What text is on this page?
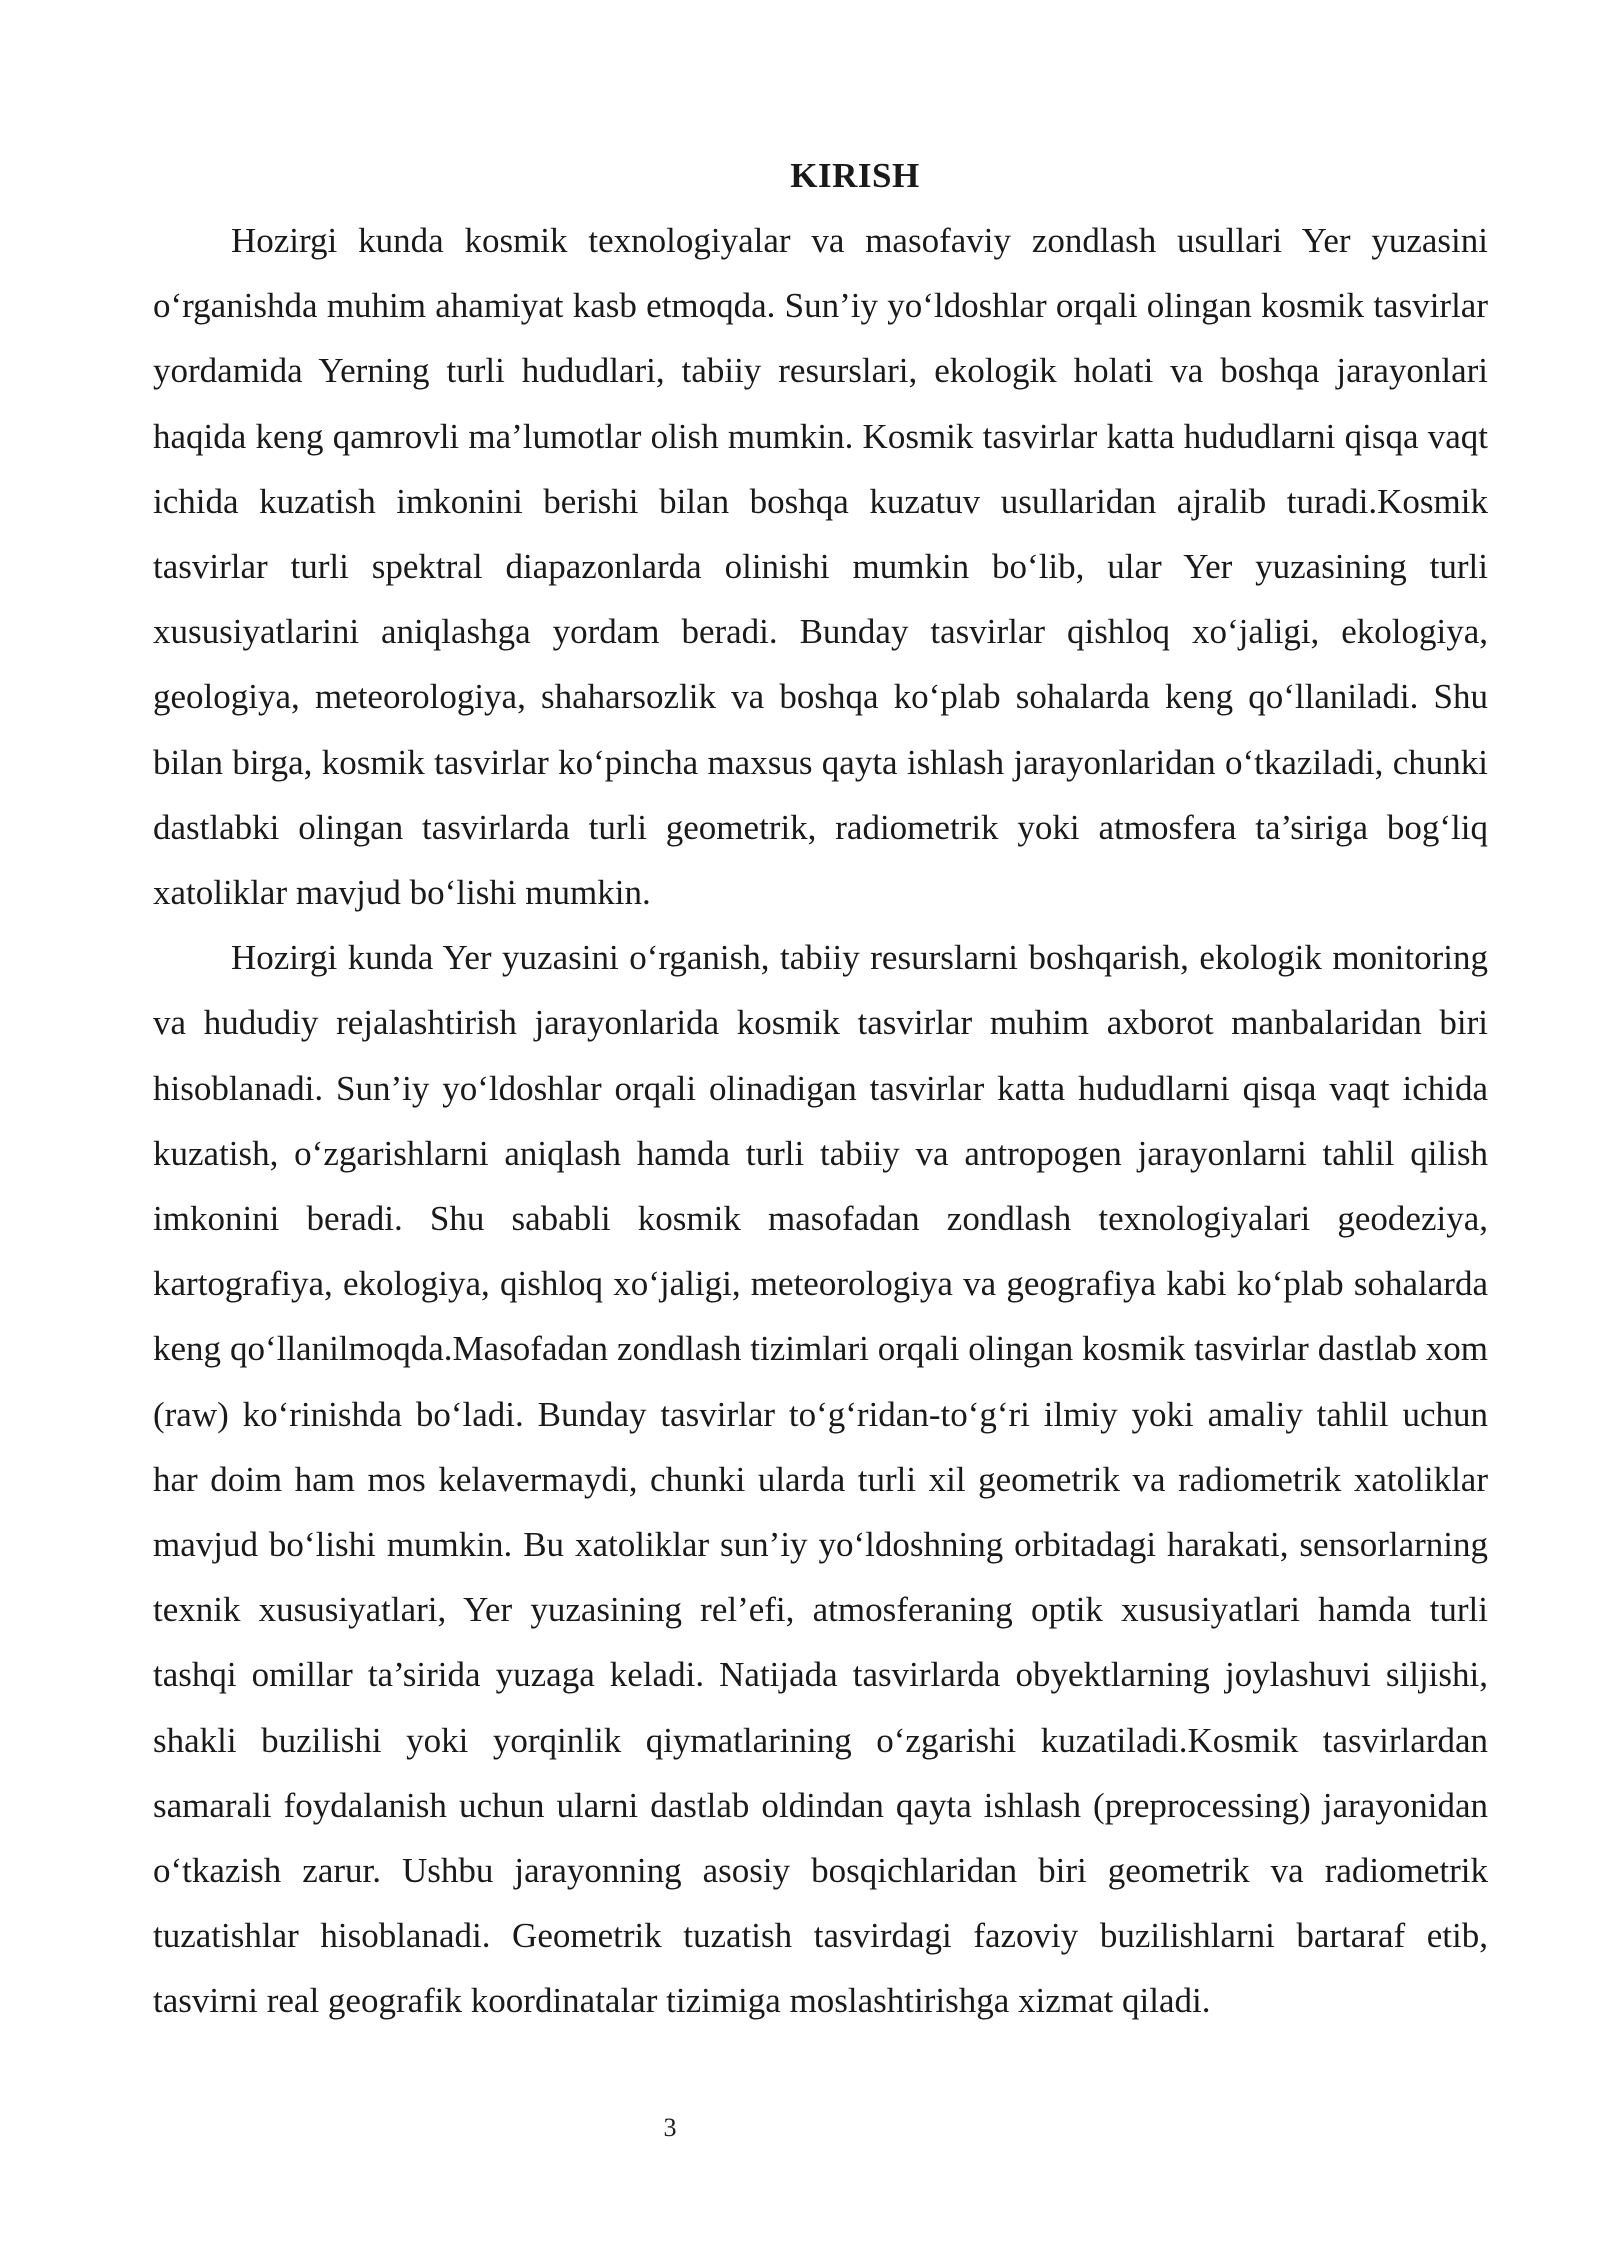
KIRISH

Hozirgi kunda kosmik texnologiyalar va masofaviy zondlash usullari Yer yuzasini o‘rganishda muhim ahamiyat kasb etmoqda. Sun’iy yo‘ldoshlar orqali olingan kosmik tasvirlar yordamida Yerning turli hududlari, tabiiy resurslari, ekologik holati va boshqa jarayonlari haqida keng qamrovli ma’lumotlar olish mumkin. Kosmik tasvirlar katta hududlarni qisqa vaqt ichida kuzatish imkonini berishi bilan boshqa kuzatuv usullaridan ajralib turadi.Kosmik tasvirlar turli spektral diapazonlarda olinishi mumkin bo‘lib, ular Yer yuzasining turli xususiyatlarini aniqlashga yordam beradi. Bunday tasvirlar qishloq xo‘jaligi, ekologiya, geologiya, meteorologiya, shaharsozlik va boshqa ko‘plab sohalarda keng qo‘llaniladi. Shu bilan birga, kosmik tasvirlar ko‘pincha maxsus qayta ishlash jarayonlaridan o‘tkaziladi, chunki dastlabki olingan tasvirlarda turli geometrik, radiometrik yoki atmosfera ta’siriga bog‘liq xatoliklar mavjud bo‘lishi mumkin.

Hozirgi kunda Yer yuzasini o‘rganish, tabiiy resurslarni boshqarish, ekologik monitoring va hududiy rejalashtirish jarayonlarida kosmik tasvirlar muhim axborot manbalaridan biri hisoblanadi. Sun’iy yo‘ldoshlar orqali olinadigan tasvirlar katta hududlarni qisqa vaqt ichida kuzatish, o‘zgarishlarni aniqlash hamda turli tabiiy va antropogen jarayonlarni tahlil qilish imkonini beradi. Shu sababli kosmik masofadan zondlash texnologiyalari geodeziya, kartografiya, ekologiya, qishloq xo‘jaligi, meteorologiya va geografiya kabi ko‘plab sohalarda keng qo‘llanilmoqda.Masofadan zondlash tizimlari orqali olingan kosmik tasvirlar dastlab xom (raw) ko‘rinishda bo‘ladi. Bunday tasvirlar to‘g‘ridan-to‘g‘ri ilmiy yoki amaliy tahlil uchun har doim ham mos kelavermaydi, chunki ularda turli xil geometrik va radiometrik xatoliklar mavjud bo‘lishi mumkin. Bu xatoliklar sun’iy yo‘ldoshning orbitadagi harakati, sensorlarning texnik xususiyatlari, Yer yuzasining rel’efi, atmosferaning optik xususiyatlari hamda turli tashqi omillar ta’sirida yuzaga keladi. Natijada tasvirlarda obyektlarning joylashuvi siljishi, shakli buzilishi yoki yorqinlik qiymatlarining o‘zgarishi kuzatiladi.Kosmik tasvirlardan samarali foydalanish uchun ularni dastlab oldindan qayta ishlash (preprocessing) jarayonidan o‘tkazish zarur. Ushbu jarayonning asosiy bosqichlaridan biri geometrik va radiometrik tuzatishlar hisoblanadi. Geometrik tuzatish tasvirdagi fazoviy buzilishlarni bartaraf etib, tasvirni real geografik koordinatalar tizimiga moslashtirishga xizmat qiladi.

3
